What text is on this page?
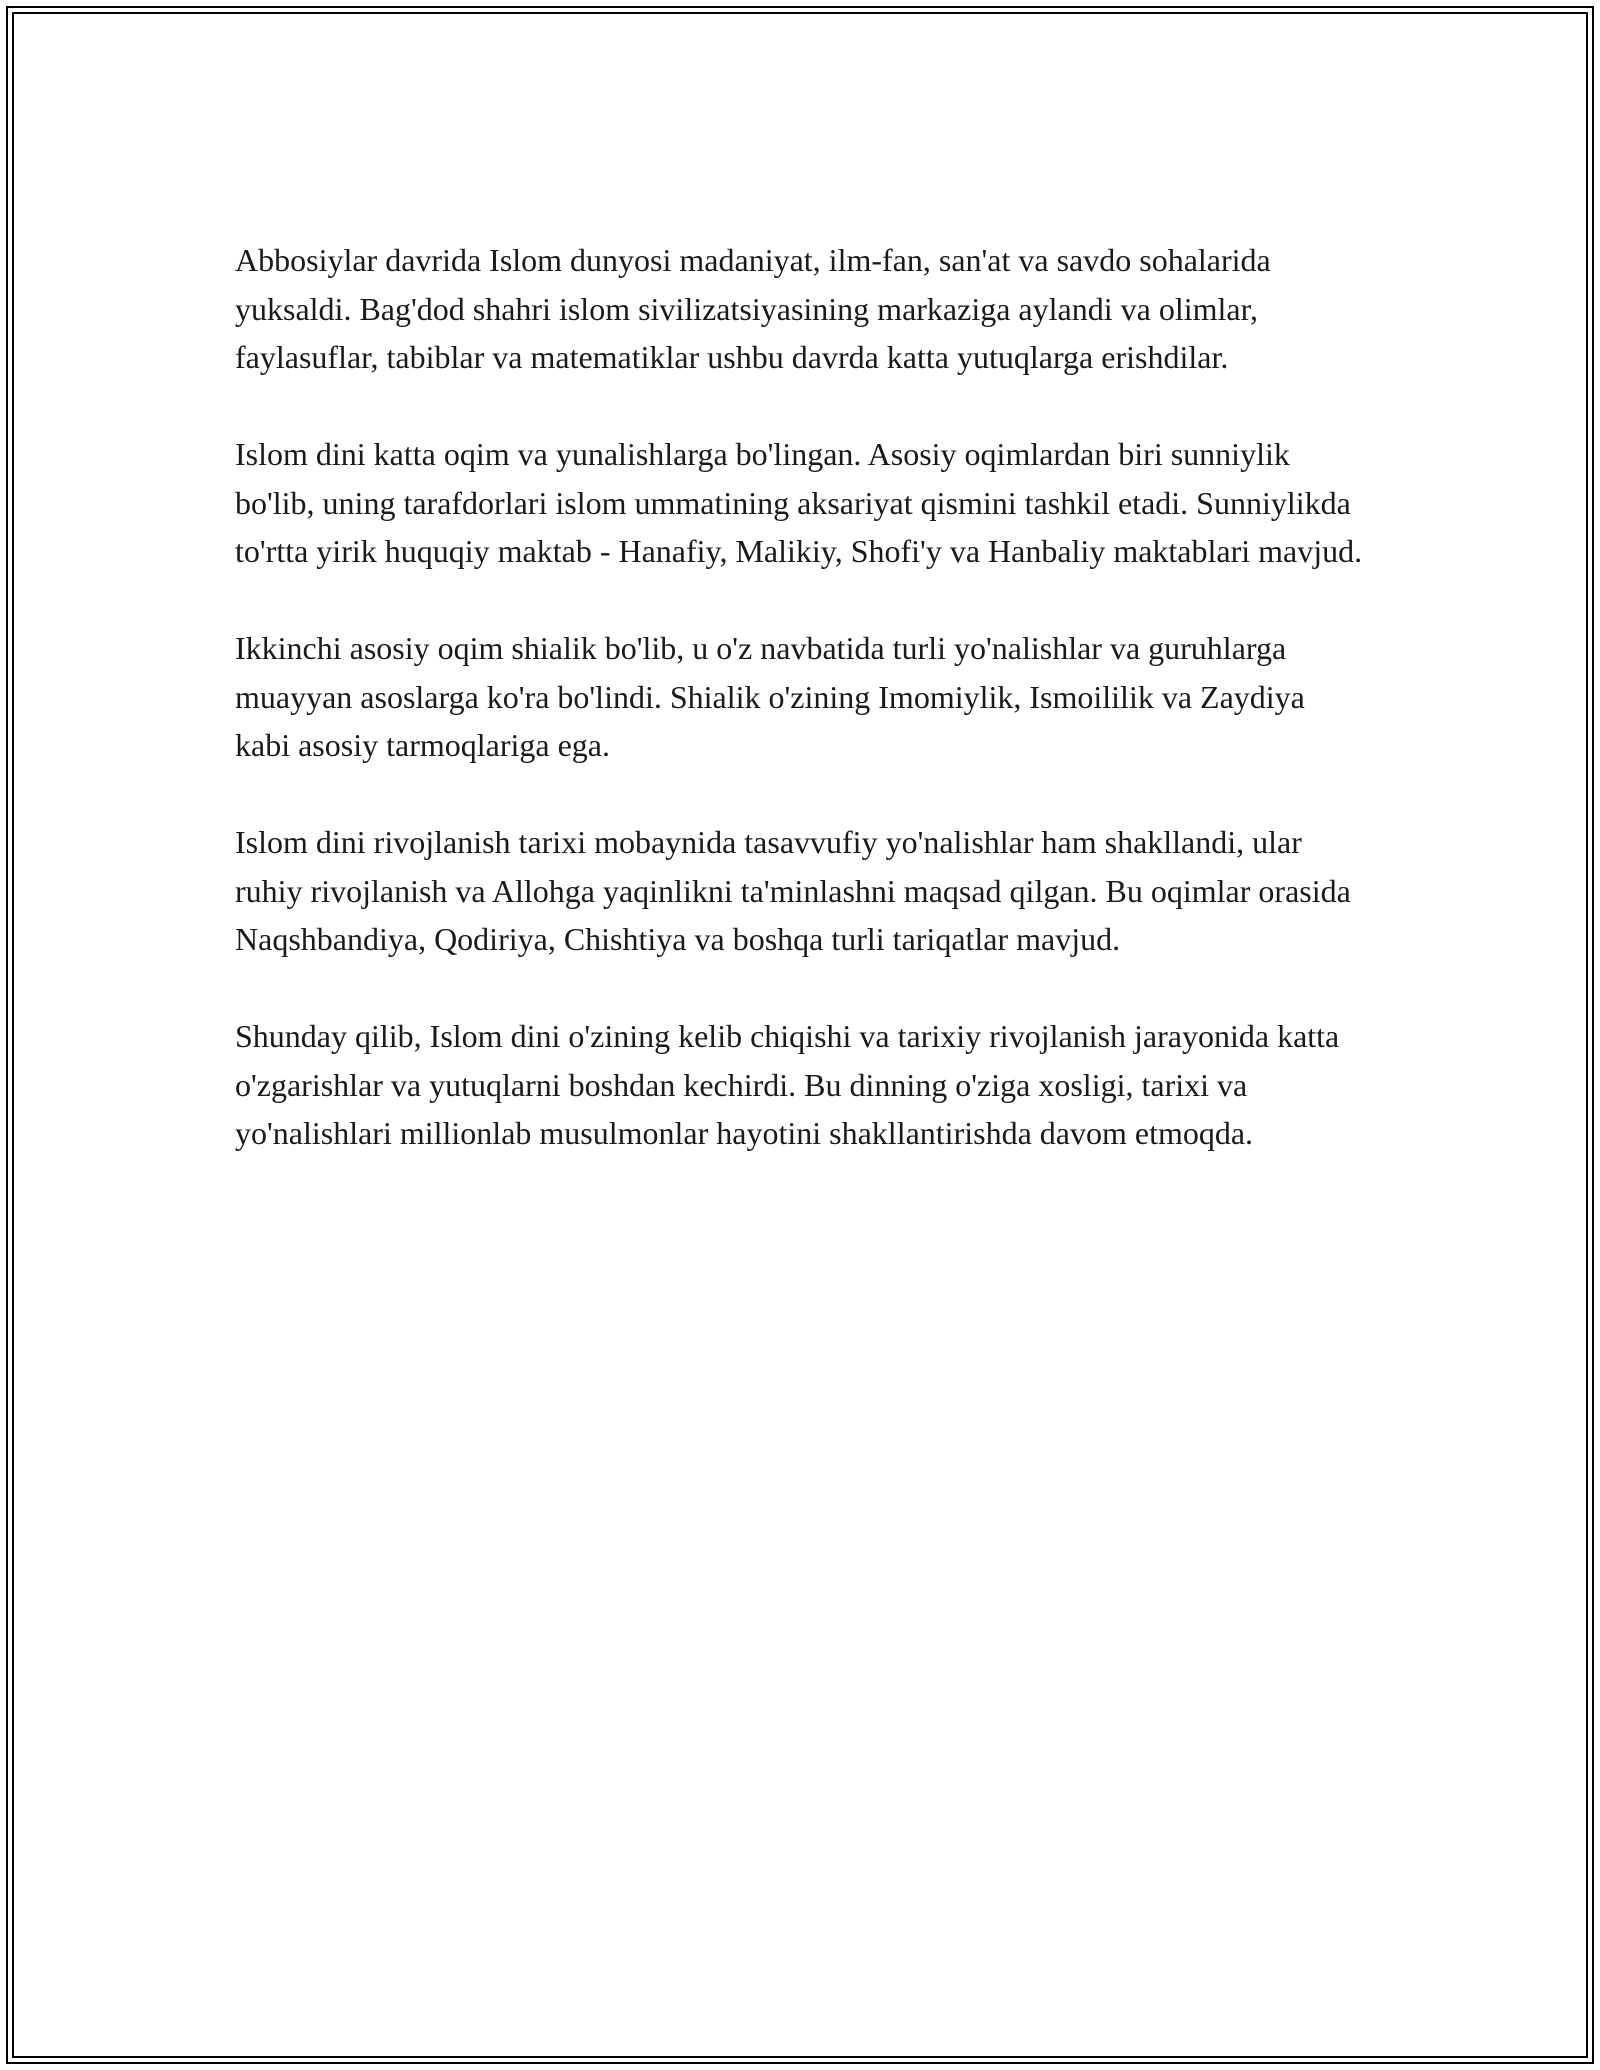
Abbosiylar davrida Islom dunyosi madaniyat, ilm-fan, san'at va savdo sohalarida yuksaldi. Bag'dod shahri islom sivilizatsiyasining markaziga aylandi va olimlar, faylasuflar, tabiblar va matematiklar ushbu davrda katta yutuqlarga erishdilar.

Islom dini katta oqim va yunalishlarga bo'lingan. Asosiy oqimlardan biri sunniylik bo'lib, uning tarafdorlari islom ummatining aksariyat qismini tashkil etadi. Sunniylikda to'rtta yirik huquqiy maktab - Hanafiy, Malikiy, Shofi'y va Hanbaliy maktablari mavjud.

Ikkinchi asosiy oqim shialik bo'lib, u o'z navbatida turli yo'nalishlar va guruhlarga muayyan asoslarga ko'ra bo'lindi. Shialik o'zining Imomiylik, Ismoililik va Zaydiya kabi asosiy tarmoqlariga ega.

Islom dini rivojlanish tarixi mobaynida tasavvufiy yo'nalishlar ham shakllandi, ular ruhiy rivojlanish va Allohga yaqinlikni ta'minlashni maqsad qilgan. Bu oqimlar orasida Naqshbandiya, Qodiriya, Chishtiya va boshqa turli tariqatlar mavjud.

Shunday qilib, Islom dini o'zining kelib chiqishi va tarixiy rivojlanish jarayonida katta o'zgarishlar va yutuqlarni boshdan kechirdi. Bu dinning o'ziga xosligi, tarixi va yo'nalishlari millionlab musulmonlar hayotini shakllantirishda davom etmoqda.
